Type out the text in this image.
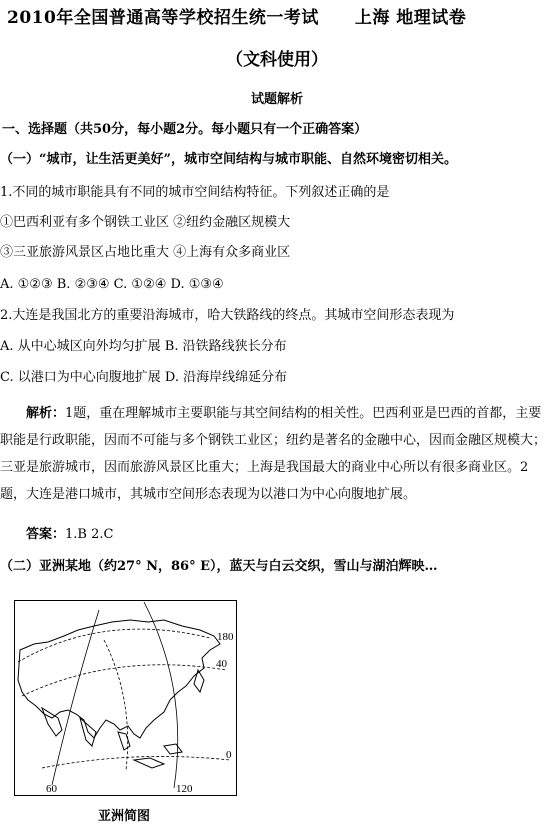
2010年全国普通高等学校招生统一考试 上海 地理试卷
（文科使用）
试题解析
一、选择题（共50分，每小题2分。每小题只有一个正确答案）
（一）“城市，让生活更美好”，城市空间结构与城市职能、自然环境密切相关。
1.不同的城市职能具有不同的城市空间结构特征。下列叙述正确的是
①巴西利亚有多个钢铁工业区 ②纽约金融区规模大
③三亚旅游风景区占地比重大 ④上海有众多商业区
A. ①②③ B. ②③④ C. ①②④ D. ①③④
2.大连是我国北方的重要沿海城市，哈大铁路线的终点。其城市空间形态表现为
A. 从中心城区向外均匀扩展 B. 沿铁路线狭长分布
C. 以港口为中心向腹地扩展 D. 沿海岸线绵延分布
解析：1题，重在理解城市主要职能与其空间结构的相关性。巴西利亚是巴西的首都，主要职能是行政职能，因而不可能与多个钢铁工业区；纽约是著名的金融中心，因而金融区规模大；三亚是旅游城市，因而旅游风景区比重大；上海是我国最大的商业中心所以有很多商业区。2题，大连是港口城市，其城市空间形态表现为以港口为中心向腹地扩展。
答案：1.B 2.C
（二）亚洲某地（约27° N，86° E），蓝天与白云交织，雪山与湖泊辉映…
180
40
0
60	120
亚洲简图
